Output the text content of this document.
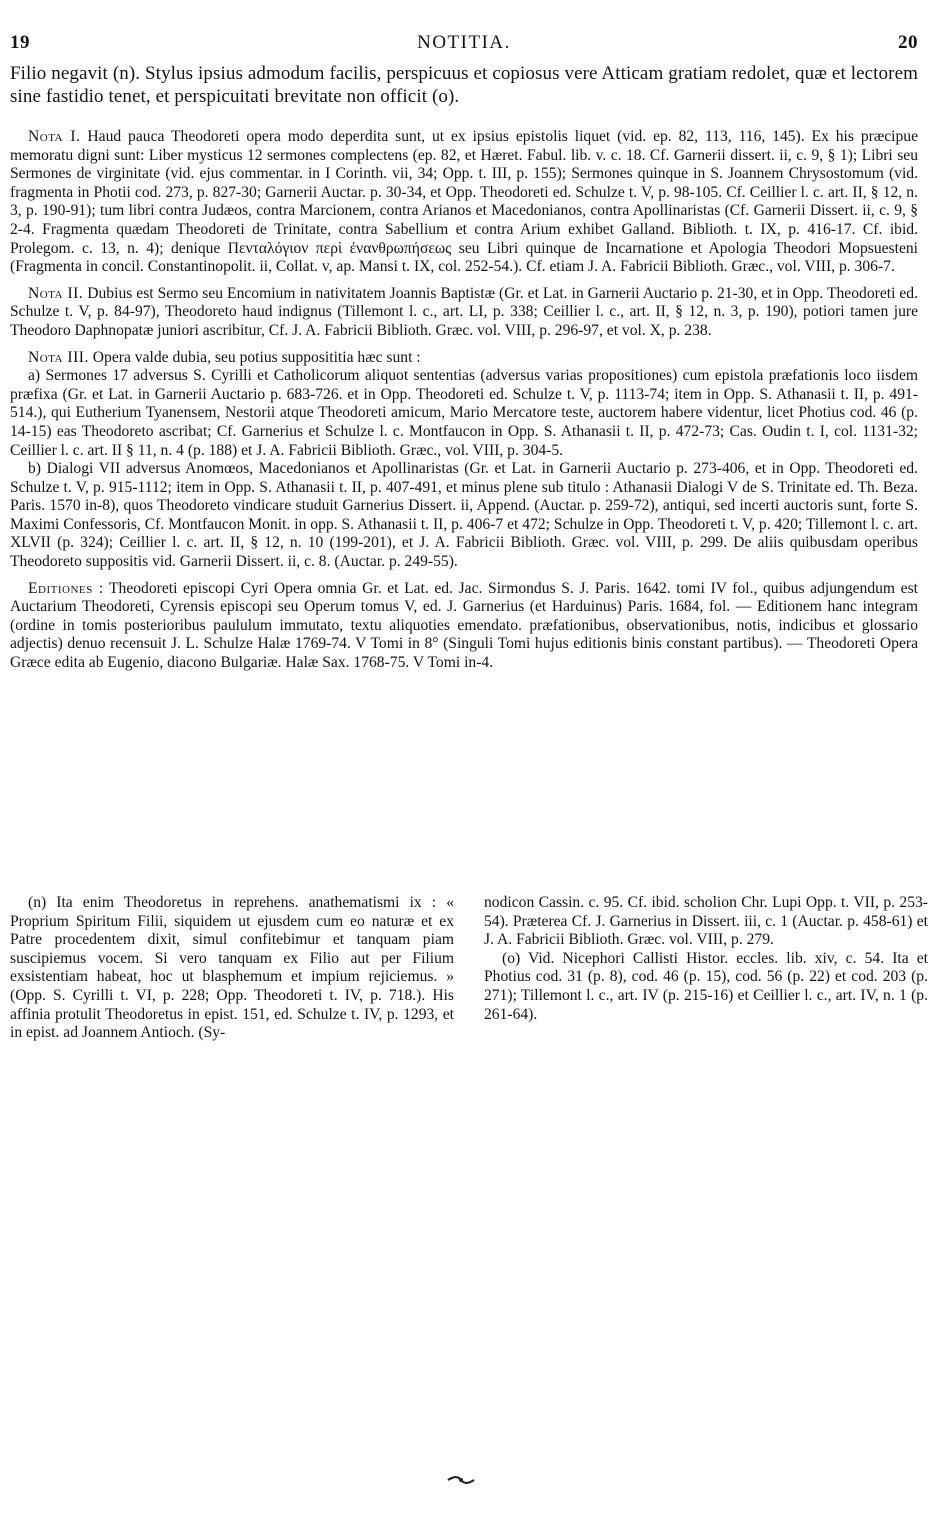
19	NOTITIA.	20
Filio negavit (n). Stylus ipsius admodum facilis, perspicuus et copiosus vere Atticam gratiam redolet, quæ et lectorem sine fastidio tenet, et perspicuitati brevitate non officit (o).

Nota I. Haud pauca Theodoreti opera modo deperdita sunt, ut ex ipsius epistolis liquet (vid. ep. 82, 113, 116, 145). Ex his præcipue memoratu digni sunt: Liber mysticus 12 sermones complectens (ep. 82, et Hæret. Fabul. lib. v. c. 18. Cf. Garnerii dissert. ii, c. 9, § 1); Libri seu Sermones de virginitate (vid. ejus commentar. in I Corinth. vii, 34; Opp. t. III, p. 155); Sermones quinque in S. Joannem Chrysostomum (vid. fragmenta in Photii cod. 273, p. 827-30; Garnerii Auctar. p. 30-34, et Opp. Theodoreti ed. Schulze t. V, p. 98-105. Cf. Ceillier l. c. art. II, § 12, n. 3, p. 190-91); tum libri contra Judæos, contra Marcionem, contra Arianos et Macedonianos, contra Apollinaristas (Cf. Garnerii Dissert. ii, c. 9, § 2-4. Fragmenta quædam Theodoreti de Trinitate, contra Sabellium et contra Arium exhibet Galland. Biblioth. t. IX, p. 416-17. Cf. ibid. Prolegom. c. 13, n. 4); denique Πενταλόγιον περὶ ἐνανθρωπήσεως seu Libri quinque de Incarnatione et Apologia Theodori Mopsuesteni (Fragmenta in concil. Constantinopolit. ii, Collat. v, ap. Mansi t. IX, col. 252-54.). Cf. etiam J. A. Fabricii Biblioth. Græc., vol. VIII, p. 306-7.

Nota II. Dubius est Sermo seu Encomium in nativitatem Joannis Baptistæ (Gr. et Lat. in Garnerii Auctario p. 21-30, et in Opp. Theodoreti ed. Schulze t. V, p. 84-97), Theodoreto haud indignus (Tillemont l. c., art. LI, p. 338; Ceillier l. c., art. II, § 12, n. 3, p. 190), potiori tamen jure Theodoro Daphnopatæ juniori ascribitur, Cf. J. A. Fabricii Biblioth. Græc. vol. VIII, p. 296-97, et vol. X, p. 238.

Nota III. Opera valde dubia, seu potius supposititia hæc sunt :

a) Sermones 17 adversus S. Cyrilli et Catholicorum aliquot sententias (adversus varias propositiones) cum epistola præfationis loco iisdem præfixa (Gr. et Lat. in Garnerii Auctario p. 683-726. et in Opp. Theodoreti ed. Schulze t. V, p. 1113-74; item in Opp. S. Athanasii t. II, p. 491-514.), qui Eutherium Tyanensem, Nestorii atque Theodoreti amicum, Mario Mercatore teste, auctorem habere videntur, licet Photius cod. 46 (p. 14-15) eas Theodoreto ascribat; Cf. Garnerius et Schulze l. c. Montfaucon in Opp. S. Athanasii t. II, p. 472-73; Cas. Oudin t. I, col. 1131-32; Ceillier l. c. art. II § 11, n. 4 (p. 188) et J. A. Fabricii Biblioth. Græc., vol. VIII, p. 304-5.

b) Dialogi VII adversus Anomœos, Macedonianos et Apollinaristas (Gr. et Lat. in Garnerii Auctario p. 273-406, et in Opp. Theodoreti ed. Schulze t. V, p. 915-1112; item in Opp. S. Athanasii t. II, p. 407-491, et minus plene sub titulo : Athanasii Dialogi V de S. Trinitate ed. Th. Beza. Paris. 1570 in-8), quos Theodoreto vindicare studuit Garnerius Dissert. ii, Append. (Auctar. p. 259-72), antiqui, sed incerti auctoris sunt, forte S. Maximi Confessoris, Cf. Montfaucon Monit. in opp. S. Athanasii t. II, p. 406-7 et 472; Schulze in Opp. Theodoreti t. V, p. 420; Tillemont l. c. art. XLVII (p. 324); Ceillier l. c. art. II, § 12, n. 10 (199-201), et J. A. Fabricii Biblioth. Græc. vol. VIII, p. 299. De aliis quibusdam operibus Theodoreto suppositis vid. Garnerii Dissert. ii, c. 8. (Auctar. p. 249-55).

Editiones : Theodoreti episcopi Cyri Opera omnia Gr. et Lat. ed. Jac. Sirmondus S. J. Paris. 1642. tomi IV fol., quibus adjungendum est Auctarium Theodoreti, Cyrensis episcopi seu Operum tomus V, ed. J. Garnerius (et Harduinus) Paris. 1684, fol. — Editionem hanc integram (ordine in tomis posterioribus paululum immutato, textu aliquoties emendato. præfationibus, observationibus, notis, indicibus et glossario adjectis) denuo recensuit J. L. Schulze Halæ 1769-74. V Tomi in 8° (Singuli Tomi hujus editionis binis constant partibus). — Theodoreti Opera Græce edita ab Eugenio, diacono Bulgariæ. Halæ Sax. 1768-75. V Tomi in-4.

(n) Ita enim Theodoretus in reprehens. anathematismi ix : « Proprium Spiritum Filii, siquidem ut ejusdem cum eo naturæ et ex Patre procedentem dixit, simul confitebimur et tanquam piam suscipiemus vocem. Si vero tanquam ex Filio aut per Filium exsistentiam habeat, hoc ut blasphemum et impium rejiciemus. » (Opp. S. Cyrilli t. VI, p. 228; Opp. Theodoreti t. IV, p. 718.). His affinia protulit Theodoretus in epist. 151, ed. Schulze t. IV, p. 1293, et in epist. ad Joannem Antioch. (Sy-

nodicon Cassin. c. 95. Cf. ibid. scholion Chr. Lupi Opp. t. VII, p. 253-54). Præterea Cf. J. Garnerius in Dissert. iii, c. 1 (Auctar. p. 458-61) et J. A. Fabricii Biblioth. Græc. vol. VIII, p. 279.

(o) Vid. Nicephori Callisti Histor. eccles. lib. xiv, c. 54. Ita et Photius cod. 31 (p. 8), cod. 46 (p. 15), cod. 56 (p. 22) et cod. 203 (p. 271); Tillemont l. c., art. IV (p. 215-16) et Ceillier l. c., art. IV, n. 1 (p. 261-64).
